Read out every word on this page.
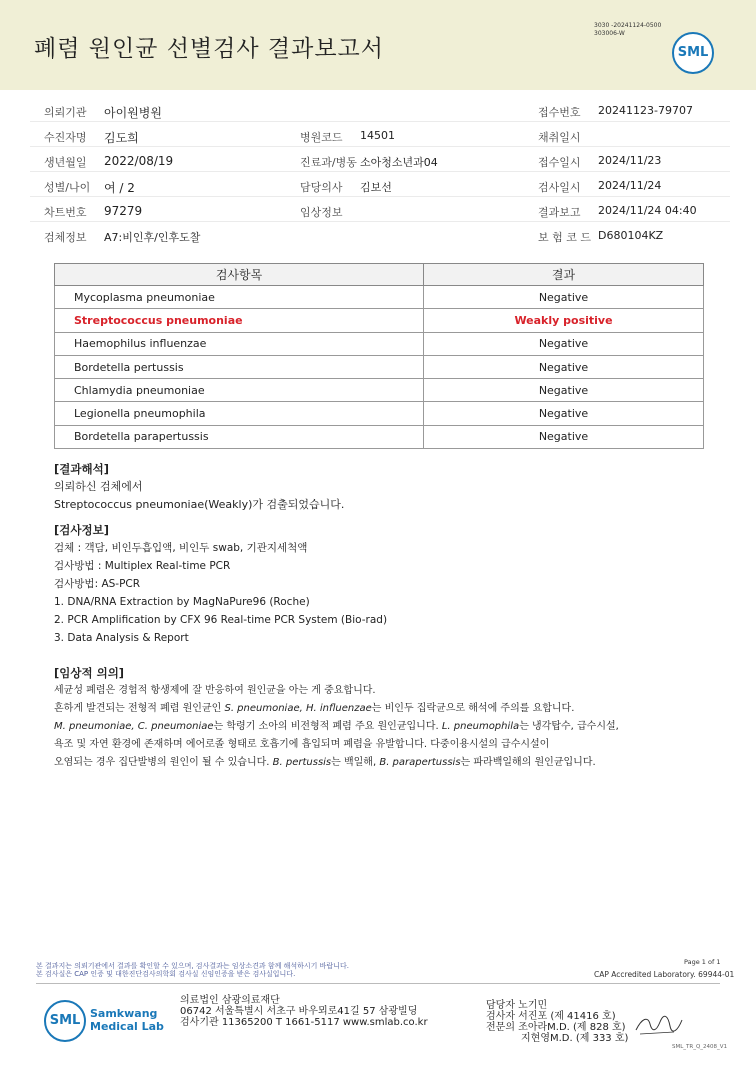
폐렴 원인균 선별검사 결과보고서
3030 -20241124-0500
303006-W
SML
의뢰기관 아이원병원	접수번호 20241123-79707
수진자명 김도희	병원코드 14501	채취일시
생년월일 2022/08/19	진료과/병동 소아청소년과04	접수일시 2024/11/23
성별/나이 여 / 2	담당의사 김보선	검사일시 2024/11/24
차트번호 97279	임상정보	결과보고 2024/11/24 04:40
검체정보 A7:비인후/인후도찰	보 험 코 드 D680104KZ
검사항목	결과
Mycoplasma pneumoniae	Negative
Streptococcus pneumoniae	Weakly positive
Haemophilus influenzae	Negative
Bordetella pertussis	Negative
Chlamydia pneumoniae	Negative
Legionella pneumophila	Negative
Bordetella parapertussis	Negative
[결과해석]
의뢰하신 검체에서
Streptococcus pneumoniae(Weakly)가 검출되었습니다.
[검사정보]
검체 : 객담, 비인두흡입액, 비인두 swab, 기관지세척액
검사방법 : Multiplex Real-time PCR
검사방법: AS-PCR
1. DNA/RNA Extraction by MagNaPure96 (Roche)
2. PCR Amplification by CFX 96 Real-time PCR System (Bio-rad)
3. Data Analysis & Report
[임상적 의의]
세균성 폐렴은 경험적 항생제에 잘 반응하여 원인균을 아는 게 중요합니다.
흔하게 발견되는 전형적 폐렴 원인균인 S. pneumoniae, H. influenzae는 비인두 집락균으로 해석에 주의를 요합니다.
M. pneumoniae, C. pneumoniae는 학령기 소아의 비전형적 폐렴 주요 원인균입니다. L. pneumophila는 냉각탑수, 급수시설,
욕조 및 자연 환경에 존재하며 에어로졸 형태로 호흡기에 흡입되며 폐렴을 유발합니다. 다중이용시설의 급수시설이
오염되는 경우 집단발병의 원인이 될 수 있습니다. B. pertussis는 백일해, B. parapertussis는 파라백일해의 원인균입니다.
본 결과지는 의뢰기관에서 결과를 확인할 수 있으며, 검사결과는 임상소견과 함께 해석하시기 바랍니다.
본 검사실은 CAP 인증 및 대한진단검사의학회 검사실 신임인증을 받은 검사실입니다.
Page 1 of 1
CAP Accredited Laboratory. 69944-01
SML Samkwang
Medical Lab
의료법인 삼광의료재단
06742 서울특별시 서초구 바우뫼로41길 57 삼광빌딩
검사기관 11365200 T 1661-5117 www.smlab.co.kr
담당자 노기민
검사자 서진포 (제 41416 호)
전문의 조아라M.D. (제 828 호)
지현영M.D. (제 333 호)
SML_TR_Q_2408_V1
